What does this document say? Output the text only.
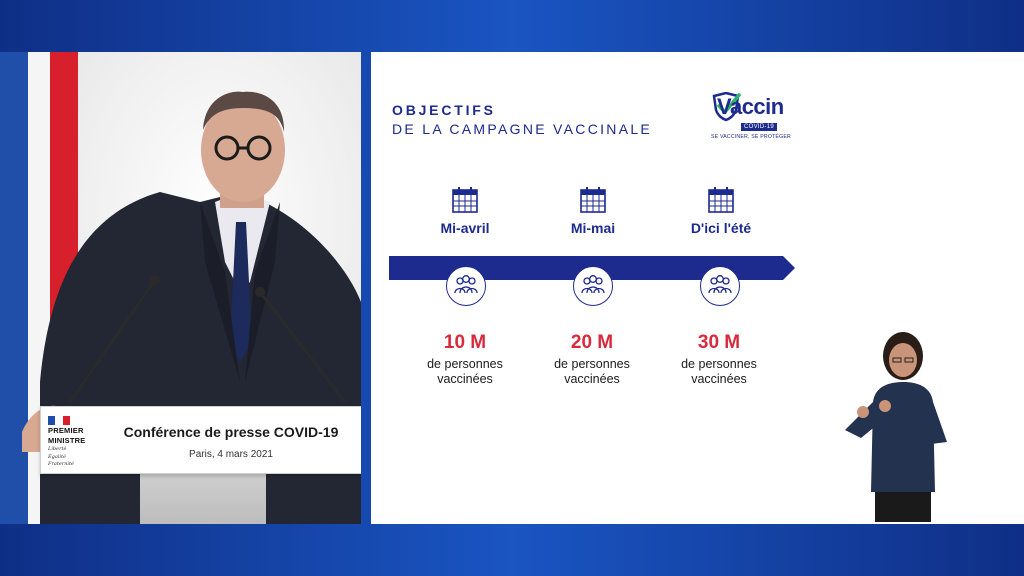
PREMIER
MINISTRE
Liberté
Égalité
Fraternité
Conférence de presse COVID-19
Paris, 4 mars 2021
OBJECTIFS
DE LA CAMPAGNE VACCINALE
Vaccin
COVID-19
SE VACCINER, SE PROTÉGER
Mi-avril	Mi-mai	D'ici l'été
10 M
de personnes
vaccinées
20 M
de personnes
vaccinées
30 M
de personnes
vaccinées
